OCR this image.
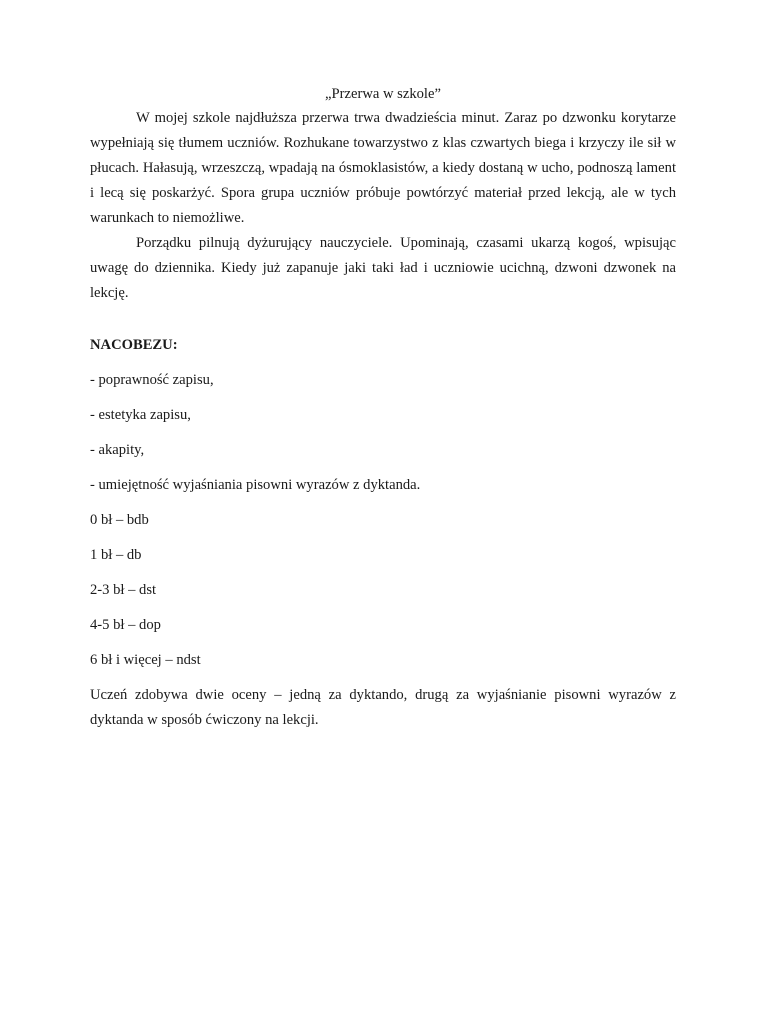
„Przerwa w szkole”

W mojej szkole najdłuższa przerwa trwa dwadzieścia minut. Zaraz po dzwonku korytarze wypełniają się tłumem uczniów. Rozhukane towarzystwo z klas czwartych biega i krzyczy ile sił w płucach. Hałasują, wrzeszczą, wpadają na ósmoklasistów, a kiedy dostaną w ucho, podnoszą lament i lecą się poskarżyć. Spora grupa uczniów próbuje powtórzyć materiał przed lekcją, ale w tych warunkach to niemożliwe.

Porządku pilnują dyżurujący nauczyciele. Upominają, czasami ukarzą kogoś, wpisując uwagę do dziennika. Kiedy już zapanuje jaki taki ład i uczniowie ucichną, dzwoni dzwonek na lekcję.

NACOBEZU:

- poprawność zapisu,

- estetyka zapisu,

- akapity,

- umiejętność wyjaśniania pisowni wyrazów z dyktanda.

0 bł – bdb

1 bł – db

2-3 bł – dst

4-5 bł – dop

6 bł i więcej – ndst

Uczeń zdobywa dwie oceny – jedną za dyktando, drugą za wyjaśnianie pisowni wyrazów z dyktanda w sposób ćwiczony na lekcji.
